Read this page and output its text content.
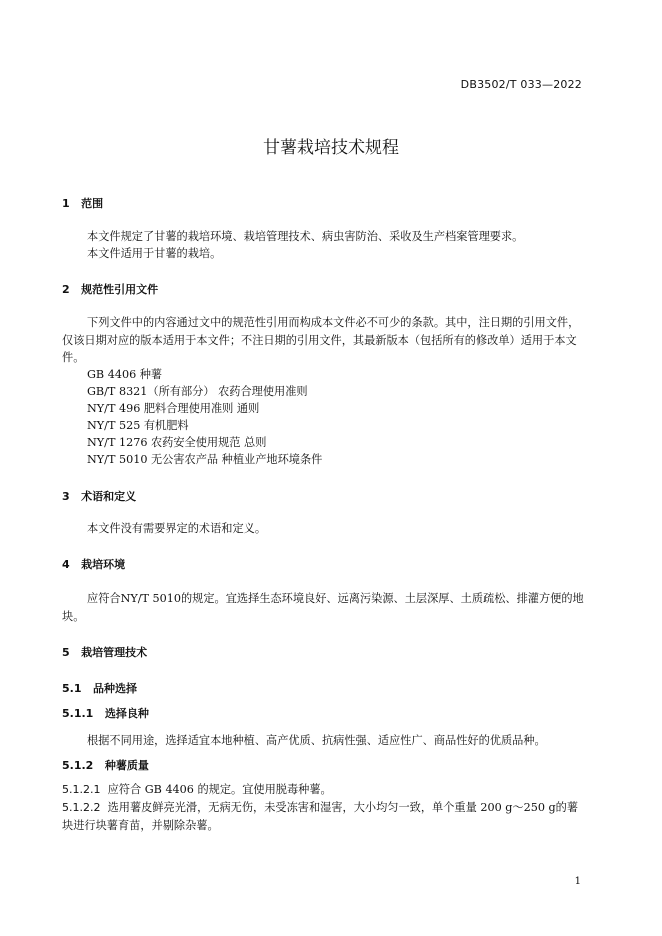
DB3502/T 033—2022
甘薯栽培技术规程
1 范围
本文件规定了甘薯的栽培环境、栽培管理技术、病虫害防治、采收及生产档案管理要求。
本文件适用于甘薯的栽培。
2 规范性引用文件
下列文件中的内容通过文中的规范性引用而构成本文件必不可少的条款。其中，注日期的引用文件，仅该日期对应的版本适用于本文件；不注日期的引用文件，其最新版本（包括所有的修改单）适用于本文件。
GB 4406 种薯
GB/T 8321（所有部分） 农药合理使用准则
NY/T 496 肥料合理使用准则 通则
NY/T 525 有机肥料
NY/T 1276 农药安全使用规范 总则
NY/T 5010 无公害农产品 种植业产地环境条件
3 术语和定义
本文件没有需要界定的术语和定义。
4 栽培环境
应符合NY/T 5010的规定。宜选择生态环境良好、远离污染源、土层深厚、土质疏松、排灌方便的地块。
5 栽培管理技术
5.1 品种选择
5.1.1 选择良种
根据不同用途，选择适宜本地种植、高产优质、抗病性强、适应性广、商品性好的优质品种。
5.1.2 种薯质量
5.1.2.1 应符合 GB 4406 的规定。宜使用脱毒种薯。
5.1.2.2 选用薯皮鲜亮光滑，无病无伤，未受冻害和湿害，大小均匀一致，单个重量 200 g～250 g的薯块进行块薯育苗，并剔除杂薯。
1
